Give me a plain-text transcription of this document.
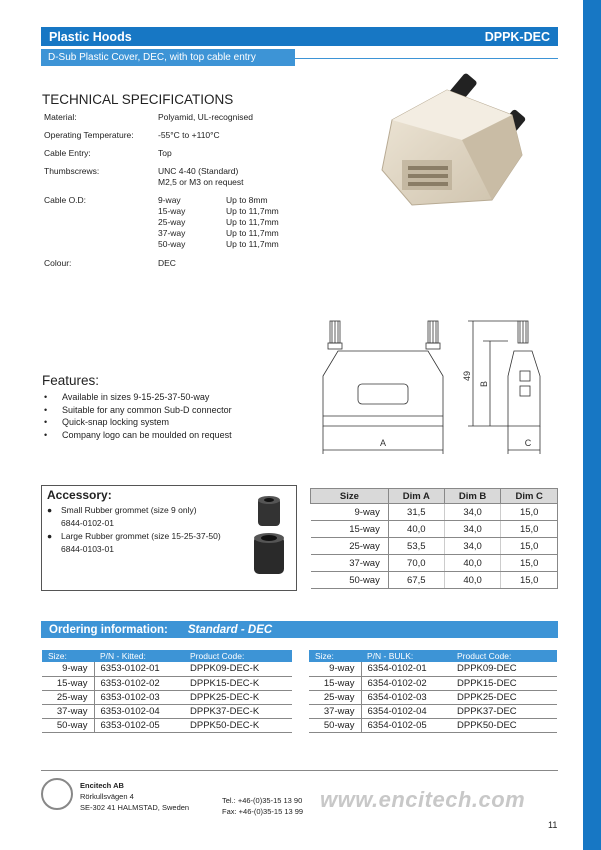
Plastic Hoods	DPPK-DEC
D-Sub Plastic Cover, DEC, with top cable entry
TECHNICAL SPECIFICATIONS
Material:	Polyamid, UL-recognised
Operating Temperature:	-55°C to +110°C
Cable Entry:	Top
Thumbscrews:	UNC 4-40 (Standard)
M2,5 or M3 on request
Cable O.D:	9-way	Up to 8mm
15-way	Up to 11,7mm
25-way	Up to 11,7mm
37-way	Up to 11,7mm
50-way	Up to 11,7mm
Colour:	DEC
A
49
B
C
Features:
• Available in sizes 9-15-25-37-50-way
• Suitable for any common Sub-D connector
• Quick-snap locking system
• Company logo can be moulded on request
Accessory:
●	Small Rubber grommet (size 9 only)
6844-0102-01
●	Large Rubber grommet (size 15-25-37-50)
6844-0103-01
Size	Dim A	Dim B	Dim C
9-way	31,5	34,0	15,0
15-way	40,0	34,0	15,0
25-way	53,5	34,0	15,0
37-way	70,0	40,0	15,0
50-way	67,5	40,0	15,0
Ordering information: Standard - DEC
Size:	P/N - Kitted:	Product Code:
9-way	6353-0102-01	DPPK09-DEC-K
15-way	6353-0102-02	DPPK15-DEC-K
25-way	6353-0102-03	DPPK25-DEC-K
37-way	6353-0102-04	DPPK37-DEC-K
50-way	6353-0102-05	DPPK50-DEC-K
Size:	P/N - BULK:	Product Code:
9-way	6354-0102-01	DPPK09-DEC
15-way	6354-0102-02	DPPK15-DEC
25-way	6354-0102-03	DPPK25-DEC
37-way	6354-0102-04	DPPK37-DEC
50-way	6354-0102-05	DPPK50-DEC
Encitech AB
Rörkullsvägen 4
SE-302 41 HALMSTAD, Sweden
Tel.: +46-(0)35-15 13 90
Fax: +46-(0)35-15 13 99 www.encitech.com
11
